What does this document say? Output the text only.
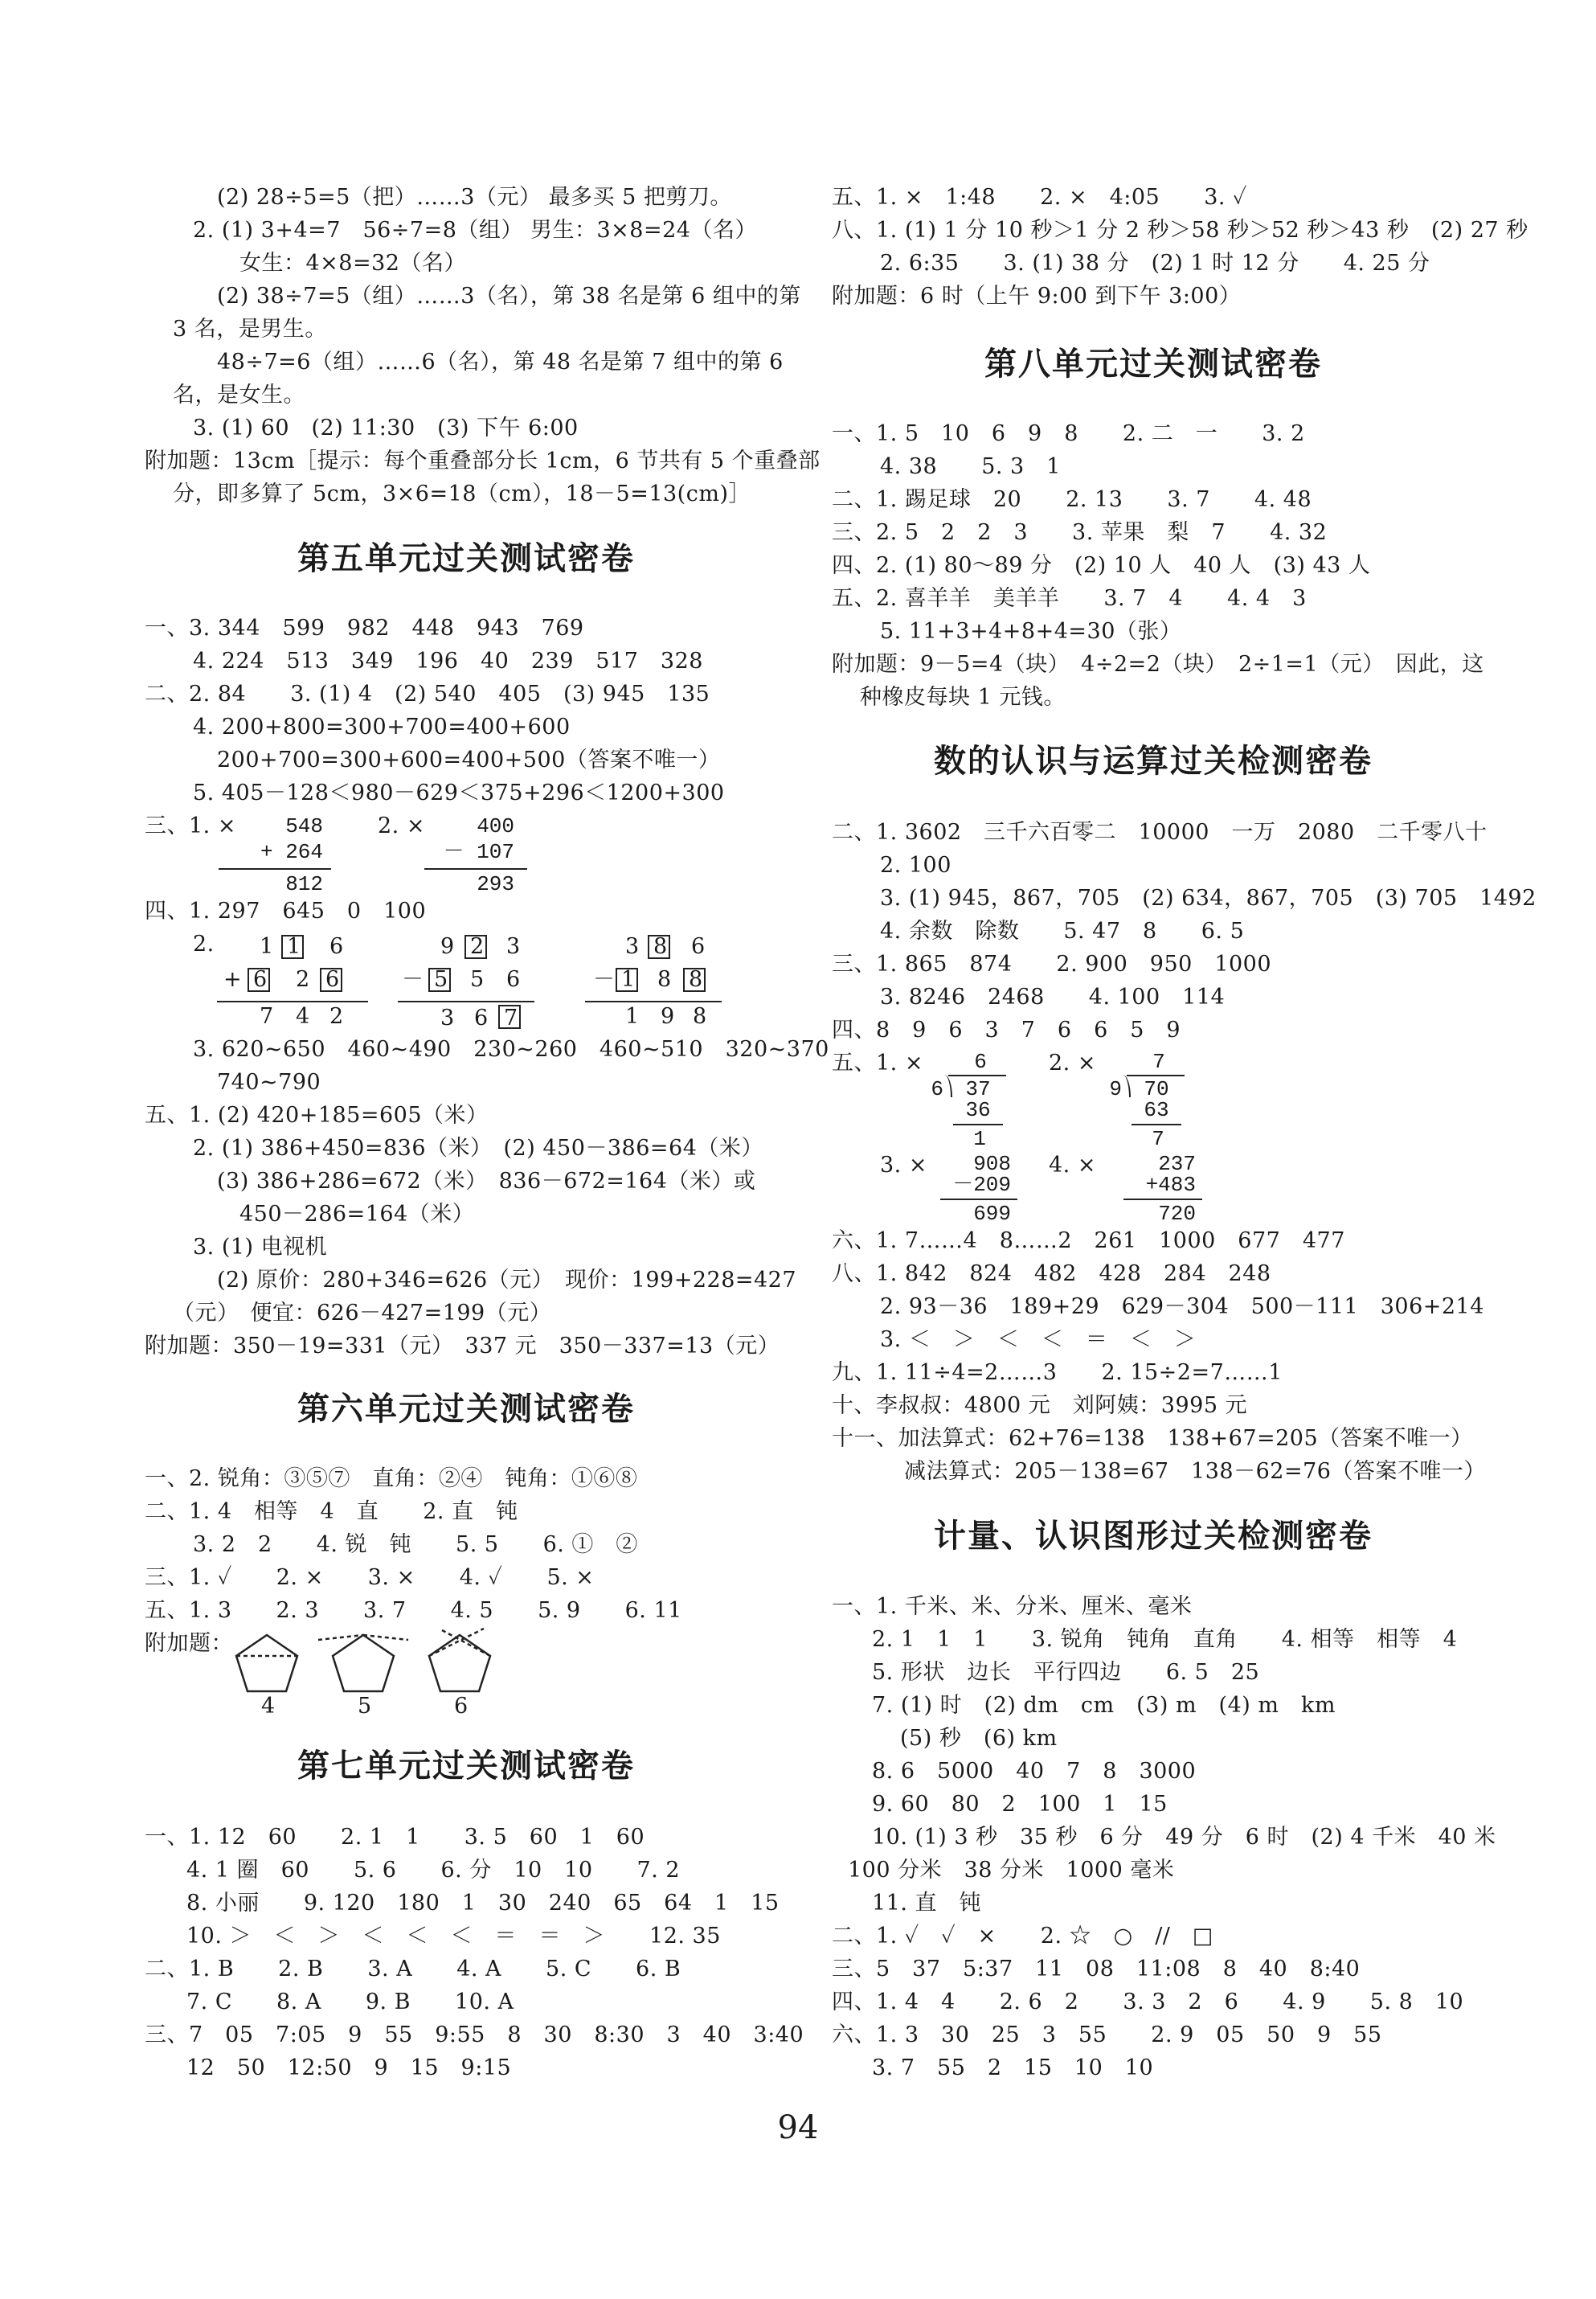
(2) 28÷5=5（把）……3（元） 最多买 5 把剪刀。
2. (1) 3+4=7　56÷7=8（组） 男生：3×8=24（名）
女生：4×8=32（名）
(2) 38÷7=5（组）……3（名），第 38 名是第 6 组中的第
3 名，是男生。
48÷7=6（组）……6（名），第 48 名是第 7 组中的第 6
名，是女生。
3. (1) 60　(2) 11:30　(3) 下午 6:00
附加题：13cm［提示：每个重叠部分长 1cm，6 节共有 5 个重叠部
分，即多算了 5cm，3×6=18（cm），18－5=13(cm)］
第五单元过关测试密卷
一、3. 344　599　982　448　943　769
4. 224　513　349　196　40　239　517　328
二、2. 84　　3. (1) 4　(2) 540　405　(3) 945　135
4. 200+800=300+700=400+600
200+700=300+600=400+500（答案不唯一）
5. 405－128＜980－629＜375+296＜1200+300
三、1. ×	548
+ 264
812
2. ×	400
－ 107
293
四、1. 297　645　0　100
2. 1 1 6
+ 6 2 6
7 4 2
9 2 3
－ 5 5 6
3 6 7
3 8 6
－ 1 8 8
1 9 8
3. 620~650　460~490　230~260　460~510　320~370
740~790
五、1. (2) 420+185=605（米）
2. (1) 386+450=836（米）　(2) 450－386=64（米）
(3) 386+286=672（米）　836－672=164（米）或
450－286=164（米）
3. (1) 电视机
(2) 原价：280+346=626（元）　现价：199+228=427
（元）　便宜：626－427=199（元）
附加题：350－19=331（元）　337 元　350－337=13（元）
第六单元过关测试密卷
一、2. 锐角：③⑤⑦　直角：②④　钝角：①⑥⑧
二、1. 4　相等　4　直　　2. 直　钝
3. 2　2　　4. 锐　钝　　5. 5　　6. ①　②
三、1. ✓　　2. ×　　3. ×　　4. ✓　　5. ×
五、1. 3　　2. 3　　3. 7　　4. 5　　5. 9　　6. 11
附加题：
4	5	6
第七单元过关测试密卷
一、1. 12　60　　2. 1　1　　3. 5　60　1　60
4. 1 圈　60　　5. 6　　6. 分　10　10　　7. 2
8. 小丽　　9. 120　180　1　30　240　65　64　1　15
10. ＞　＜　＞　＜　＜　＜　＝　＝　＞　　12. 35
二、1. B　　2. B　　3. A　　4. A　　5. C　　6. B
7. C　　8. A　　9. B　　10. A
三、7　05　7:05　9　55　9:55　8　30　8:30　3　40　3:40
12　50　12:50　9　15　9:15
五、1. ×　1:48　　2. ×　4:05　　3. ✓
八、1. (1) 1 分 10 秒＞1 分 2 秒＞58 秒＞52 秒＞43 秒　(2) 27 秒
2. 6:35　　3. (1) 38 分　(2) 1 时 12 分　　4. 25 分
附加题：6 时（上午 9:00 到下午 3:00）
第八单元过关测试密卷
一、1. 5　10　6　9　8　　2. 二　一　　3. 2
4. 38　　5. 3　1
二、1. 踢足球　20　　2. 13　　3. 7　　4. 48
三、2. 5　2　2　3　　3. 苹果　梨　7　　4. 32
四、2. (1) 80～89 分　(2) 10 人　40 人　(3) 43 人
五、2. 喜羊羊　美羊羊　　3. 7　4　　4. 4　3
5. 11+3+4+8+4=30（张）
附加题：9－5=4（块）　4÷2=2（块）　2÷1=1（元）　因此，这
种橡皮每块 1 元钱。
数的认识与运算过关检测密卷
二、1. 3602　三千六百零二　10000　一万　2080　二千零八十
2. 100
3. (1) 945，867，705　(2) 634，867，705　(3) 705　1492
4. 余数　除数　　5. 47　8　　6. 5
三、1. 865　874　　2. 900　950　1000
3. 8246　2468　　4. 100　114
四、8　9　6　3　7　6　6　5　9
五、1. ×	6
6	37
36
1
2. ×	7
9	70
63
7
3. ×	908
－209
699
4. ×	237
+483
720
六、1. 7……4　8……2　261　1000　677　477
八、1. 842　824　482　428　284　248
2. 93－36　189+29　629－304　500－111　306+214
3. ＜　＞　＜　＜　＝　＜　＞
九、1. 11÷4=2……3　　2. 15÷2=7……1
十、李叔叔：4800 元　刘阿姨：3995 元
十一、加法算式：62+76=138　138+67=205（答案不唯一）
减法算式：205－138=67　138－62=76（答案不唯一）
计量、认识图形过关检测密卷
一、1. 千米、米、分米、厘米、毫米
2. 1　1　1　　3. 锐角　钝角　直角　　4. 相等　相等　4
5. 形状　边长　平行四边　　6. 5　25
7. (1) 时　(2) dm　cm　(3) m　(4) m　km
(5) 秒　(6) km
8. 6　5000　40　7　8　3000
9. 60　80　2　100　1　15
10. (1) 3 秒　35 秒　6 分　49 分　6 时　(2) 4 千米　40 米
100 分米　38 分米　1000 毫米
11. 直　钝
二、1. ✓　✓　×　　2. ☆　○　//　□
三、5　37　5:37　11　08　11:08　8　40　8:40
四、1. 4　4　　2. 6　2　　3. 3　2　6　　4. 9　　5. 8　10
六、1. 3　30　25　3　55　　2. 9　05　50　9　55
3. 7　55　2　15　10　10
94
